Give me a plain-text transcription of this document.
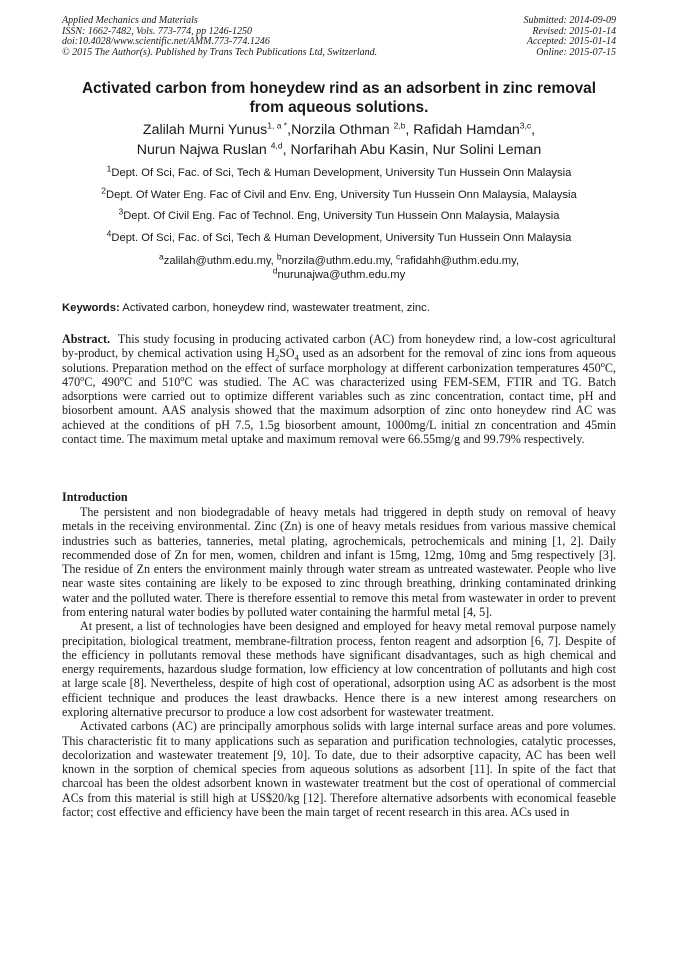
Applied Mechanics and Materials
ISSN: 1662-7482, Vols. 773-774, pp 1246-1250
doi:10.4028/www.scientific.net/AMM.773-774.1246
© 2015 The Author(s). Published by Trans Tech Publications Ltd, Switzerland.
Submitted: 2014-09-09
Revised: 2015-01-14
Accepted: 2015-01-14
Online: 2015-07-15
Activated carbon from honeydew rind as an adsorbent in zinc removal
from aqueous solutions.
Zalilah Murni Yunus$^{1, a *}$,Norzila Othman $^{2,b}$, Rafidah Hamdan$^{3,c}$,
Nurun Najwa Ruslan $^{4,d}$, Norfarihah Abu Kasin, Nur Solini Leman
$^1$Dept. Of Sci, Fac. of Sci, Tech & Human Development, University Tun Hussein Onn Malaysia
$^2$Dept. Of Water Eng. Fac of Civil and Env. Eng, University Tun Hussein Onn Malaysia, Malaysia
$^3$Dept. Of Civil Eng. Fac of Technol. Eng, University Tun Hussein Onn Malaysia, Malaysia
$^4$Dept. Of Sci, Fac. of Sci, Tech & Human Development, University Tun Hussein Onn Malaysia
$^a$zalilah@uthm.edu.my, $^b$norzila@uthm.edu.my, $^c$rafidahh@uthm.edu.my,
$^d$nurunajwa@uthm.edu.my
Keywords: Activated carbon, honeydew rind, wastewater treatment, zinc.

Abstract. This study focusing in producing activated carbon (AC) from honeydew rind, a low-cost agricultural by-product, by chemical activation using $H_2SO_4$ used as an adsorbent for the removal of zinc ions from aqueous solutions. Preparation method on the effect of surface morphology at different carbonization temperatures 450$^o$C, 470$^o$C, 490$^o$C and 510$^o$C was studied. The AC was characterized using FEM-SEM, FTIR and TG. Batch adsorptions were carried out to optimize different variables such as zinc concentration, contact time, pH and biosorbent amount. AAS analysis showed that the maximum adsorption of zinc onto honeydew rind AC was achieved at the conditions of pH 7.5, 1.5g biosorbent amount, 1000mg/L initial zn concentration and 45min contact time. The maximum metal uptake and maximum removal were 66.55mg/g and 99.79% respectively.

Introduction

The persistent and non biodegradable of heavy metals had triggered in depth study on removal of heavy metals in the receiving environmental. Zinc (Zn) is one of heavy metals residues from various massive chemical industries such as batteries, tanneries, metal plating, agrochemicals, petrochemicals and mining [1, 2]. Daily recommended dose of Zn for men, women, children and infant is 15mg, 12mg, 10mg and 5mg respectively [3]. The residue of Zn enters the environment mainly through water stream as untreated wastewater. People who live near waste sites containing are likely to be exposed to zinc through breathing, drinking contaminated drinking water and the polluted water. There is therefore essential to remove this metal from wastewater in order to prevent from entering natural water bodies by polluted water containing the harmful metal [4, 5].

At present, a list of technologies have been designed and employed for heavy metal removal purpose namely precipitation, biological treatment, membrane-filtration process, fenton reagent and adsorption [6, 7]. Despite of the efficiency in pollutants removal these methods have significant disadvantages, such as high chemical and energy requirements, hazardous sludge formation, low efficiency at low concentration of pollutants and high cost at large scale [8]. Nevertheless, despite of high cost of operational, adsorption using AC as adsorbent is the most efficient technique and produces the least drawbacks. Hence there is a new interest among researchers on exploring alternative precursor to produce a low cost adsorbent for wastewater treatment.

Activated carbons (AC) are principally amorphous solids with large internal surface areas and pore volumes. This characteristic fit to many applications such as separation and purification technologies, catalytic processes, decolorization and wastewater treatement [9, 10]. To date, due to their adsorptive capacity, AC has been well known in the sorption of chemical species from aqueous solutions as adsorbent [11]. In spite of the fact that charcoal has been the oldest adsorbent known in wastewater treatment but the cost of operational of commercial ACs from this material is still high at US$20/kg [12]. Therefore alternative adsorbents with economical feaseble factor; cost effective and efficiency have been the main target of recent research in this area. ACs used in
